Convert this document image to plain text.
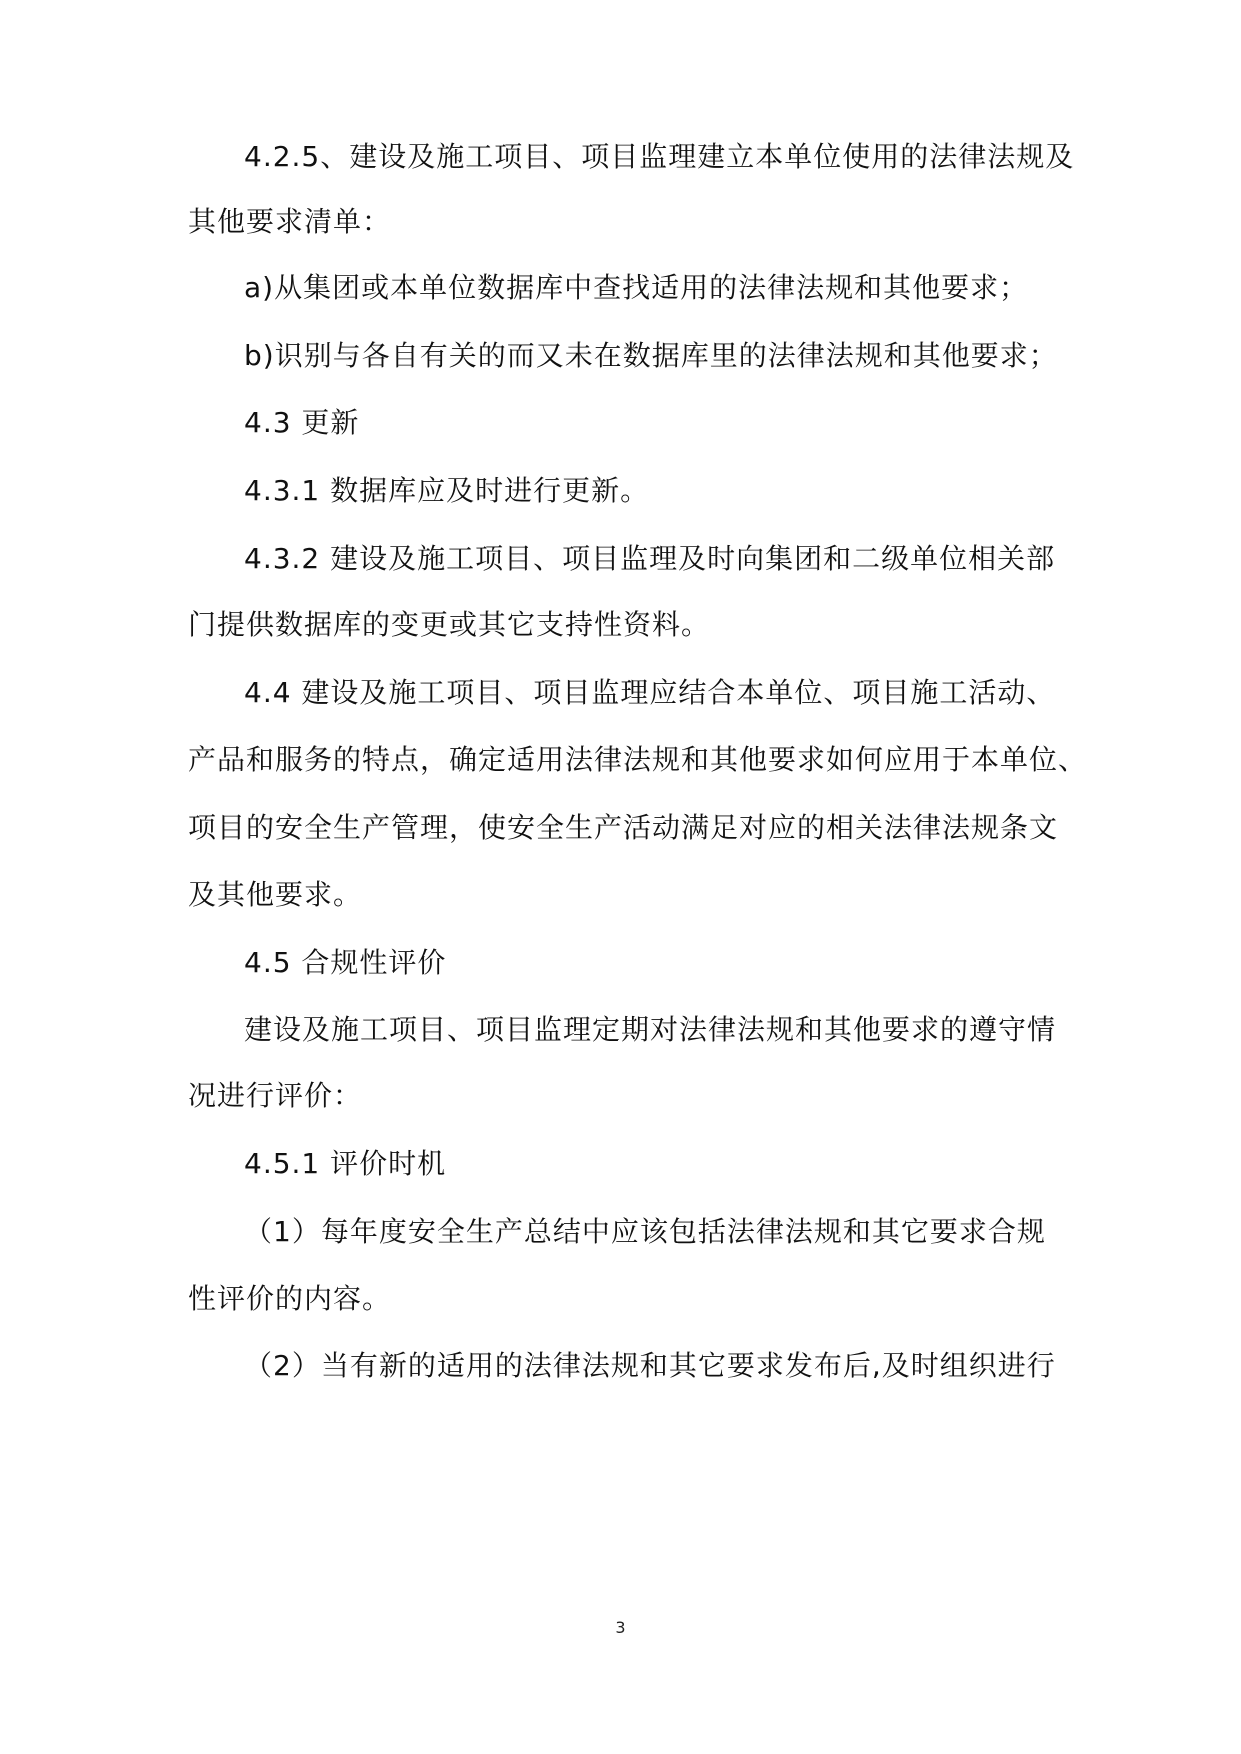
4.2.5、建设及施工项目、项目监理建立本单位使用的法律法规及
其他要求清单：
a)从集团或本单位数据库中查找适用的法律法规和其他要求；
b)识别与各自有关的而又未在数据库里的法律法规和其他要求；
4.3 更新
4.3.1 数据库应及时进行更新。
4.3.2 建设及施工项目、项目监理及时向集团和二级单位相关部
门提供数据库的变更或其它支持性资料。
4.4 建设及施工项目、项目监理应结合本单位、项目施工活动、
产品和服务的特点，确定适用法律法规和其他要求如何应用于本单位、
项目的安全生产管理，使安全生产活动满足对应的相关法律法规条文
及其他要求。
4.5 合规性评价
建设及施工项目、项目监理定期对法律法规和其他要求的遵守情
况进行评价：
4.5.1 评价时机
（1）每年度安全生产总结中应该包括法律法规和其它要求合规
性评价的内容。
（2）当有新的适用的法律法规和其它要求发布后,及时组织进行
3
